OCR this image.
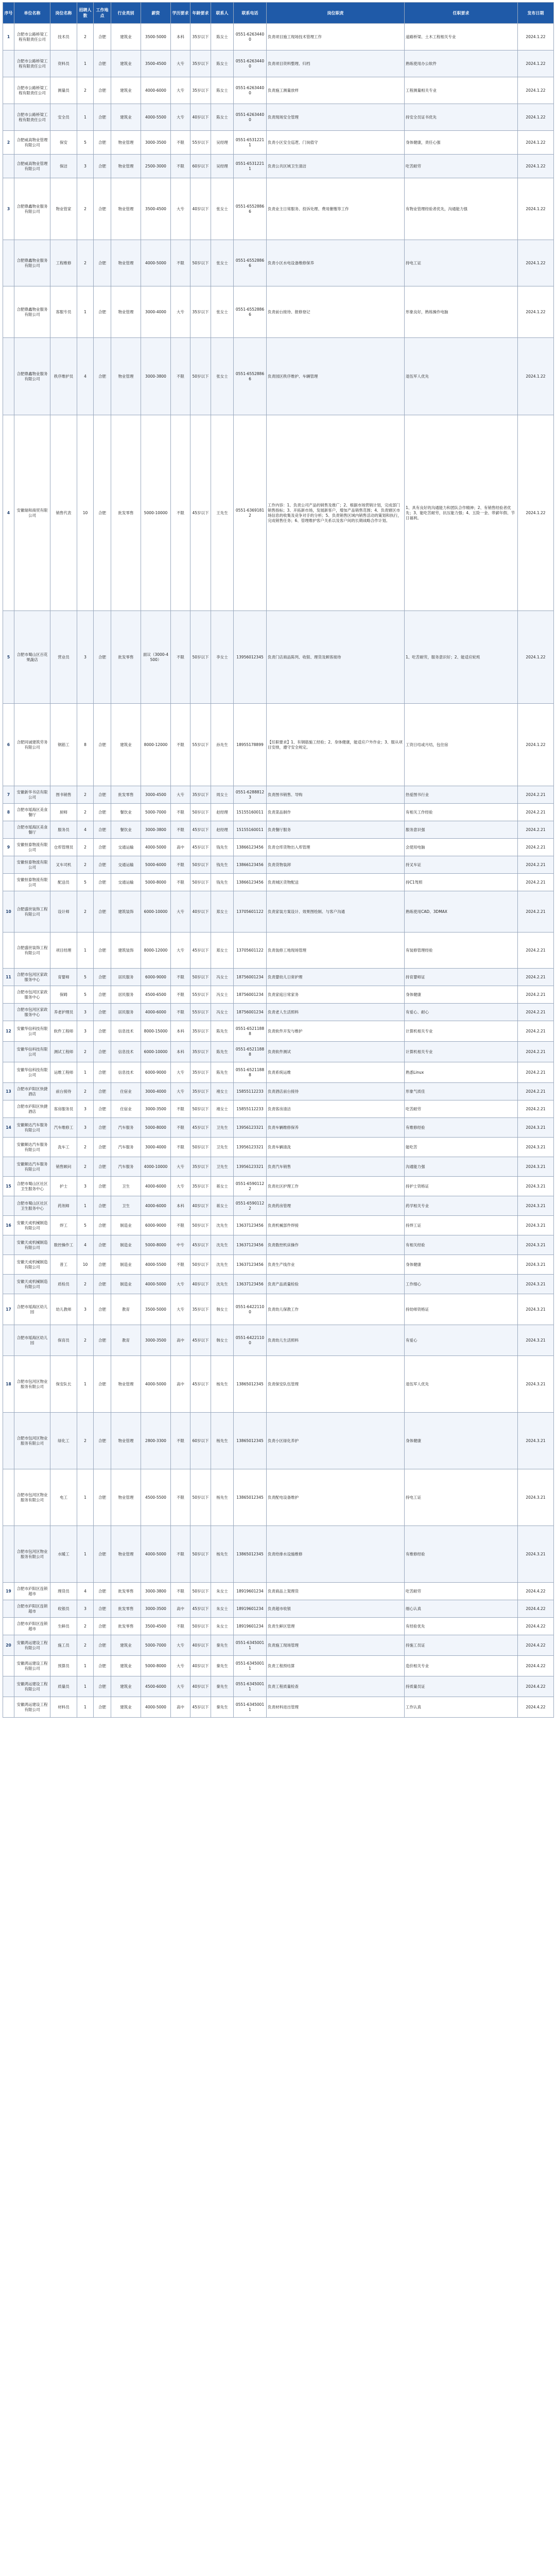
序号	单位名称	岗位名称	招聘人数	工作地点	行业类别	薪资	学历要求	年龄要求	联系人	联系电话	岗位职责	任职要求	发布日期
1	合肥市公路桥梁工程有限责任公司	技术员	2	合肥	建筑业	3500-5000	本科	35岁以下	陈女士	0551-62634400	负责项目施工现场技术管理工作	道路桥梁、土木工程相关专业	2024.1.22
	合肥市公路桥梁工程有限责任公司	资料员	1	合肥	建筑业	3500-4500	大专	35岁以下	陈女士	0551-62634400	负责项目资料整理、归档	熟练使用办公软件	2024.1.22
	合肥市公路桥梁工程有限责任公司	测量员	2	合肥	建筑业	4000-6000	大专	35岁以下	陈女士	0551-62634400	负责施工测量放样	工程测量相关专业	2024.1.22
	合肥市公路桥梁工程有限责任公司	安全员	1	合肥	建筑业	4000-5500	大专	40岁以下	陈女士	0551-62634400	负责现场安全管理	持安全员证书优先	2024.1.22
2	合肥威高物业管理有限公司	保安	5	合肥	物业管理	3000-3500	不限	55岁以下	吴经理	0551-65312211	负责小区安全巡逻、门岗值守	身体健康，责任心强	2024.1.22
	合肥威高物业管理有限公司	保洁	3	合肥	物业管理	2500-3000	不限	60岁以下	吴经理	0551-65312211	负责公共区域卫生清洁	吃苦耐劳	2024.1.22
3	合肥鼎鑫物业服务有限公司	物业管家	2	合肥	物业管理	3500-4500	大专	40岁以下	张女士	0551-65528866	负责业主日常服务、投诉处理、费用催缴等工作	有物业管理经验者优先，沟通能力强	2024.1.22
	合肥鼎鑫物业服务有限公司	工程维修	2	合肥	物业管理	4000-5000	不限	50岁以下	张女士	0551-65528866	负责小区水电设备维修保养	持电工证	2024.1.22
	合肥鼎鑫物业服务有限公司	客服专员	1	合肥	物业管理	3000-4000	大专	35岁以下	张女士	0551-65528866	负责前台接待、报修登记	形象良好，熟练操作电脑	2024.1.22
	合肥鼎鑫物业服务有限公司	秩序维护员	4	合肥	物业管理	3000-3800	不限	50岁以下	张女士	0551-65528866	负责园区秩序维护、车辆管理	退伍军人优先	2024.1.22
4	安徽瑞和商贸有限公司	销售代表	10	合肥	批发零售	5000-10000	不限	45岁以下	王先生	0551-63691812	工作内容：1、负责公司产品的销售及推广；2、根据市场营销计划，完成部门销售指标；3、开拓新市场，发展新客户，增加产品销售范围；4、负责辖区市场信息的收集及竞争对手的分析；5、负责销售区域内销售活动的策划和执行，完成销售任务；6、管理维护客户关系以及客户间的长期战略合作计划。	1、具有良好的沟通能力和团队合作精神；2、有销售经验者优先；3、能吃苦耐劳，抗压能力强；4、五险一金、带薪年假、节日福利。	2024.1.22
5	合肥市蜀山区百花果蔬店	营业员	3	合肥	批发零售	面议（3000-4500）	不限	50岁以下	李女士	13956012345	负责门店商品陈列、收银、理货及顾客接待	1、吃苦耐劳，服务意识好；2、能适应轮班	2024.1.22
6	合肥同诚建筑劳务有限公司	钢筋工	8	合肥	建筑业	8000-12000	不限	55岁以下	孙先生	18955178899	【任职要求】1、有钢筋施工经验；2、身体健康，能适应户外作业；3、服从项目安排，遵守安全规定。	工资日结或月结，包住宿	2024.1.22
7	安徽新华书店有限公司	图书销售	2	合肥	批发零售	3000-4500	大专	35岁以下	周女士	0551-62888123	负责图书销售、导购	热爱图书行业	2024.2.21
8	合肥市瑶海区美食餐厅	厨师	2	合肥	餐饮业	5000-7000	不限	50岁以下	赵经理	15155160011	负责菜品制作	有相关工作经验	2024.2.21
	合肥市瑶海区美食餐厅	服务员	4	合肥	餐饮业	3000-3800	不限	45岁以下	赵经理	15155160011	负责餐厅服务	服务意识强	2024.2.21
9	安徽恒泰物流有限公司	仓库管理员	2	合肥	交通运输	4000-5000	高中	45岁以下	钱先生	13866123456	负责仓库货物出入库管理	会使用电脑	2024.2.21
	安徽恒泰物流有限公司	叉车司机	2	合肥	交通运输	5000-6000	不限	50岁以下	钱先生	13866123456	负责货物装卸	持叉车证	2024.2.21
	安徽恒泰物流有限公司	配送员	5	合肥	交通运输	5000-8000	不限	50岁以下	钱先生	13866123456	负责城区货物配送	持C1驾照	2024.2.21
10	合肥盛世装饰工程有限公司	设计师	2	合肥	建筑装饰	6000-10000	大专	40岁以下	郑女士	13705601122	负责家装方案设计、效果图绘制、与客户沟通	熟练使用CAD、3DMAX	2024.2.21
	合肥盛世装饰工程有限公司	项目经理	1	合肥	建筑装饰	8000-12000	大专	45岁以下	郑女士	13705601122	负责装修工地现场管理	有装修管理经验	2024.2.21
11	合肥市包河区家政服务中心	育婴师	5	合肥	居民服务	6000-9000	不限	50岁以下	冯女士	18756001234	负责婴幼儿日常护理	持育婴师证	2024.2.21
	合肥市包河区家政服务中心	保姆	5	合肥	居民服务	4500-6500	不限	55岁以下	冯女士	18756001234	负责家庭日常家务	身体健康	2024.2.21
	合肥市包河区家政服务中心	养老护理员	3	合肥	居民服务	4000-6000	不限	55岁以下	冯女士	18756001234	负责老人生活照料	有爱心、耐心	2024.2.21
12	安徽华信科技有限公司	软件工程师	3	合肥	信息技术	8000-15000	本科	35岁以下	陈先生	0551-65211888	负责软件开发与维护	计算机相关专业	2024.2.21
	安徽华信科技有限公司	测试工程师	2	合肥	信息技术	6000-10000	本科	35岁以下	陈先生	0551-65211888	负责软件测试	计算机相关专业	2024.2.21
	安徽华信科技有限公司	运维工程师	1	合肥	信息技术	6000-9000	大专	35岁以下	陈先生	0551-65211888	负责系统运维	熟悉Linux	2024.2.21
13	合肥市庐阳区快捷酒店	前台接待	2	合肥	住宿业	3000-4000	大专	35岁以下	褚女士	15855112233	负责酒店前台接待	形象气质佳	2024.2.21
	合肥市庐阳区快捷酒店	客房服务员	3	合肥	住宿业	3000-3500	不限	50岁以下	褚女士	15855112233	负责客房清洁	吃苦耐劳	2024.2.21
14	安徽顺达汽车服务有限公司	汽车维修工	3	合肥	汽车服务	5000-8000	不限	45岁以下	卫先生	13956123321	负责车辆维修保养	有维修经验	2024.3.21
	安徽顺达汽车服务有限公司	洗车工	2	合肥	汽车服务	3000-4000	不限	50岁以下	卫先生	13956123321	负责车辆清洗	能吃苦	2024.3.21
	安徽顺达汽车服务有限公司	销售顾问	2	合肥	汽车服务	4000-10000	大专	35岁以下	卫先生	13956123321	负责汽车销售	沟通能力强	2024.3.21
15	合肥市蜀山区社区卫生服务中心	护士	3	合肥	卫生	4000-6000	大专	35岁以下	蒋女士	0551-65901122	负责社区护理工作	持护士资格证	2024.3.21
	合肥市蜀山区社区卫生服务中心	药剂师	1	合肥	卫生	4000-6000	本科	40岁以下	蒋女士	0551-65901122	负责药房管理	药学相关专业	2024.3.21
16	安徽天成机械制造有限公司	焊工	5	合肥	制造业	6000-9000	不限	50岁以下	沈先生	13637123456	负责机械部件焊接	持焊工证	2024.3.21
	安徽天成机械制造有限公司	数控操作工	4	合肥	制造业	5000-8000	中专	45岁以下	沈先生	13637123456	负责数控机床操作	有相关经验	2024.3.21
	安徽天成机械制造有限公司	普工	10	合肥	制造业	4000-5500	不限	50岁以下	沈先生	13637123456	负责生产线作业	身体健康	2024.3.21
	安徽天成机械制造有限公司	质检员	2	合肥	制造业	4000-5000	大专	40岁以下	沈先生	13637123456	负责产品质量检验	工作细心	2024.3.21
17	合肥市瑶海区幼儿园	幼儿教师	3	合肥	教育	3500-5000	大专	35岁以下	韩女士	0551-64221100	负责幼儿保教工作	持幼师资格证	2024.3.21
	合肥市瑶海区幼儿园	保育员	2	合肥	教育	3000-3500	高中	45岁以下	韩女士	0551-64221100	负责幼儿生活照料	有爱心	2024.3.21
18	合肥市包河区物业服务有限公司	保安队长	1	合肥	物业管理	4000-5000	高中	45岁以下	杨先生	13865012345	负责保安队伍管理	退伍军人优先	2024.3.21
	合肥市包河区物业服务有限公司	绿化工	2	合肥	物业管理	2800-3300	不限	60岁以下	杨先生	13865012345	负责小区绿化养护	身体健康	2024.3.21
	合肥市包河区物业服务有限公司	电工	1	合肥	物业管理	4500-5500	不限	50岁以下	杨先生	13865012345	负责配电设备维护	持电工证	2024.3.21
	合肥市包河区物业服务有限公司	水暖工	1	合肥	物业管理	4000-5000	不限	50岁以下	杨先生	13865012345	负责给排水设施维修	有维修经验	2024.3.21
19	合肥市庐阳区连锁超市	理货员	4	合肥	批发零售	3000-3800	不限	50岁以下	朱女士	18919601234	负责商品上架理货	吃苦耐劳	2024.4.22
	合肥市庐阳区连锁超市	收银员	3	合肥	批发零售	3000-3500	高中	45岁以下	朱女士	18919601234	负责超市收银	细心认真	2024.4.22
	合肥市庐阳区连锁超市	生鲜员	2	合肥	批发零售	3500-4500	不限	50岁以下	朱女士	18919601234	负责生鲜区管理	有经验优先	2024.4.22
20	安徽鸿运建设工程有限公司	施工员	2	合肥	建筑业	5000-7000	大专	40岁以下	秦先生	0551-63450011	负责施工现场管理	持施工员证	2024.4.22
	安徽鸿运建设工程有限公司	预算员	1	合肥	建筑业	5000-8000	大专	40岁以下	秦先生	0551-63450011	负责工程预结算	造价相关专业	2024.4.22
	安徽鸿运建设工程有限公司	质量员	1	合肥	建筑业	4500-6000	大专	40岁以下	秦先生	0551-63450011	负责工程质量检查	持质量员证	2024.4.22
	安徽鸿运建设工程有限公司	材料员	1	合肥	建筑业	4000-5000	高中	45岁以下	秦先生	0551-63450011	负责材料进出管理	工作认真	2024.4.22
